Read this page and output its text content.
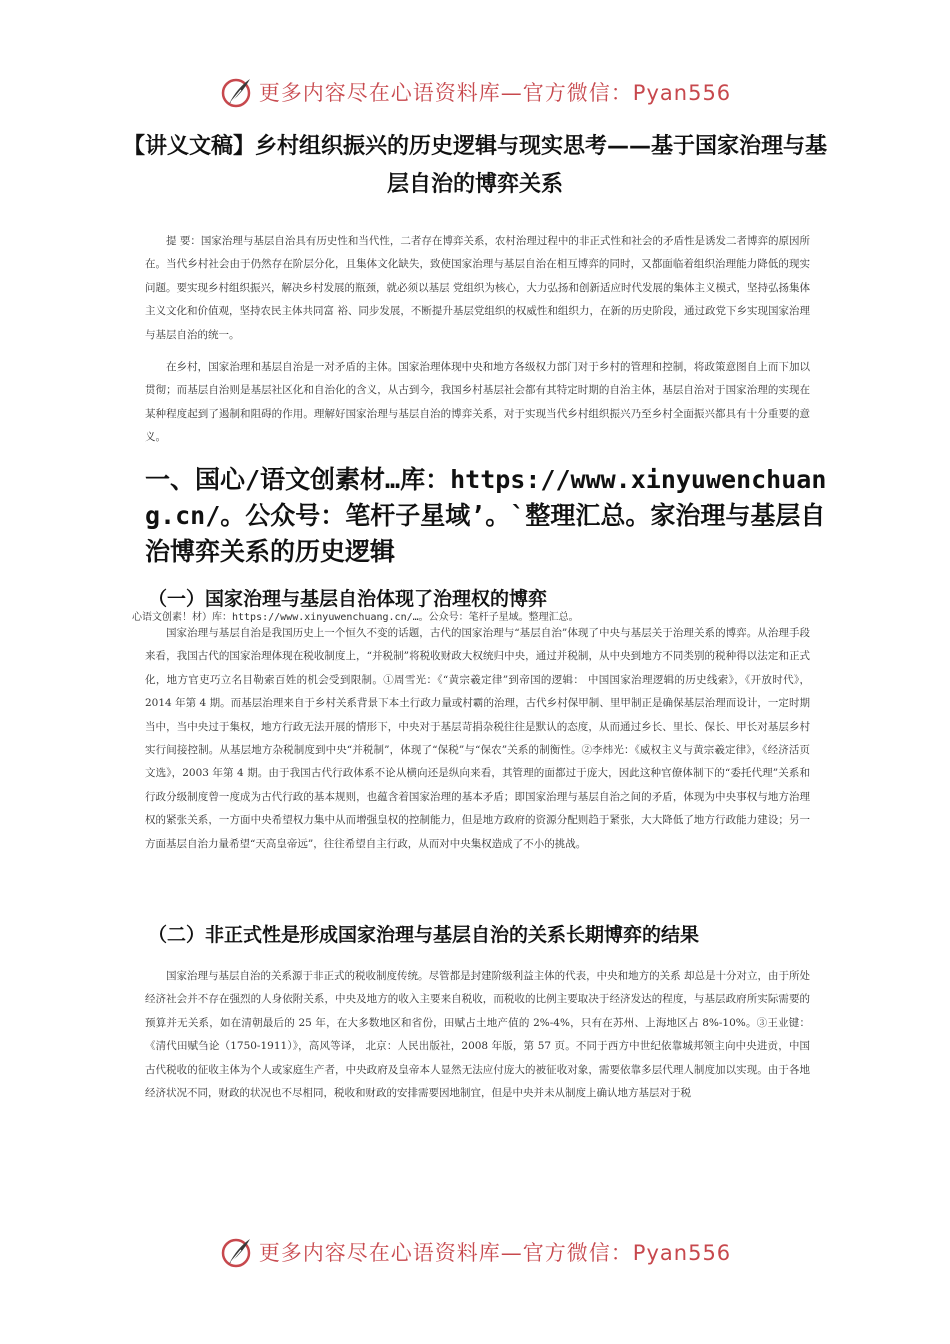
更多内容尽在心语资料库—官方微信：Pyan556
【讲义文稿】乡村组织振兴的历史逻辑与现实思考——基于国家治理与基层自治的博弈关系

提 要：国家治理与基层自治具有历史性和当代性，二者存在博弈关系，农村治理过程中的非正式性和社会的矛盾性是诱发二者博弈的原因所在。当代乡村社会由于仍然存在阶层分化，且集体文化缺失，致使国家治理与基层自治在相互博弈的同时，又都面临着组织治理能力降低的现实问题。要实现乡村组织振兴，解决乡村发展的瓶颈，就必须以基层 党组织为核心，大力弘扬和创新适应时代发展的集体主义模式，坚持弘扬集体主义文化和价值观，坚持农民主体共同富 裕、同步发展，不断提升基层党组织的权威性和组织力，在新的历史阶段，通过政党下乡实现国家治理与基层自治的统一。

在乡村，国家治理和基层自治是一对矛盾的主体。国家治理体现中央和地方各级权力部门对于乡村的管理和控制，将政策意图自上而下加以贯彻；而基层自治则是基层社区化和自治化的含义，从古到今，我国乡村基层社会都有其特定时期的自治主体，基层自治对于国家治理的实现在某种程度起到了遏制和阻碍的作用。理解好国家治理与基层自治的博弈关系，对于实现当代乡村组织振兴乃至乡村全面振兴都具有十分重要的意义。

一、国心/语文创素材…库：https://www.xinyuwenchuang.cn/。公众号：笔杆子星域’。`整理汇总。家治理与基层自治博弈关系的历史逻辑
（一）国家治理与基层自治体现了治理权的博弈

心语文创素！材）库：https://www.xinyuwenchuang.cn/…。公众号：笔杆子星域。整理汇总。

国家治理与基层自治是我国历史上一个恒久不变的话题，古代的国家治理与“基层自治”体现了中央与基层关于治理关系的博弈。从治理手段来看，我国古代的国家治理体现在税收制度上，“并税制”将税收财政大权统归中央，通过并税制，从中央到地方不同类别的税种得以法定和正式化，地方官吏巧立名目勒索百姓的机会受到限制。①周雪光：《“黄宗羲定律”到帝国的逻辑： 中国国家治理逻辑的历史线索》，《开放时代》，2014 年第 4 期。而基层治理来自于乡村关系背景下本土行政力量或村霸的治理，古代乡村保甲制、里甲制正是确保基层治理而设计，一定时期当中，当中央过于集权，地方行政无法开展的情形下，中央对于基层苛捐杂税往往是默认的态度，从而通过乡长、里长、保长、甲长对基层乡村实行间接控制。从基层地方杂税制度到中央“并税制”，体现了“保税”与“保农”关系的制衡性。②李炜光：《威权主义与黄宗羲定律》，《经济活页文选》，2003 年第 4 期。由于我国古代行政体系不论从横向还是纵向来看，其管理的面都过于庞大，因此这种官僚体制下的“委托代理”关系和行政分级制度曾一度成为古代行政的基本规则，也蕴含着国家治理的基本矛盾；即国家治理与基层自治之间的矛盾，体现为中央事权与地方治理权的紧张关系，一方面中央希望权力集中从而增强皇权的控制能力，但是地方政府的资源分配则趋于紧张，大大降低了地方行政能力建设；另一方面基层自治力量希望“天高皇帝远”，往往希望自主行政，从而对中央集权造成了不小的挑战。

（二）非正式性是形成国家治理与基层自治的关系长期博弈的结果

国家治理与基层自治的关系源于非正式的税收制度传统。尽管都是封建阶级利益主体的代表，中央和地方的关系 却总是十分对立，由于所处经济社会并不存在强烈的人身依附关系，中央及地方的收入主要来自税收，而税收的比例主要取决于经济发达的程度，与基层政府所实际需要的预算并无关系，如在清朝最后的 25 年，在大多数地区和省份，田赋占土地产值的 2%-4%，只有在苏州、上海地区占 8%-10%。③王业键：《清代田赋刍论（1750-1911）》，高风等译， 北京：人民出版社，2008 年版，第 57 页。不同于西方中世纪依靠城邦领主向中央进贡，中国古代税收的征收主体为个人或家庭生产者，中央政府及皇帝本人显然无法应付庞大的被征收对象，需要依靠多层代理人制度加以实现。由于各地经济状况不同，财政的状况也不尽相同，税收和财政的安排需要因地制宜，但是中央并未从制度上确认地方基层对于税

更多内容尽在心语资料库—官方微信：Pyan556
